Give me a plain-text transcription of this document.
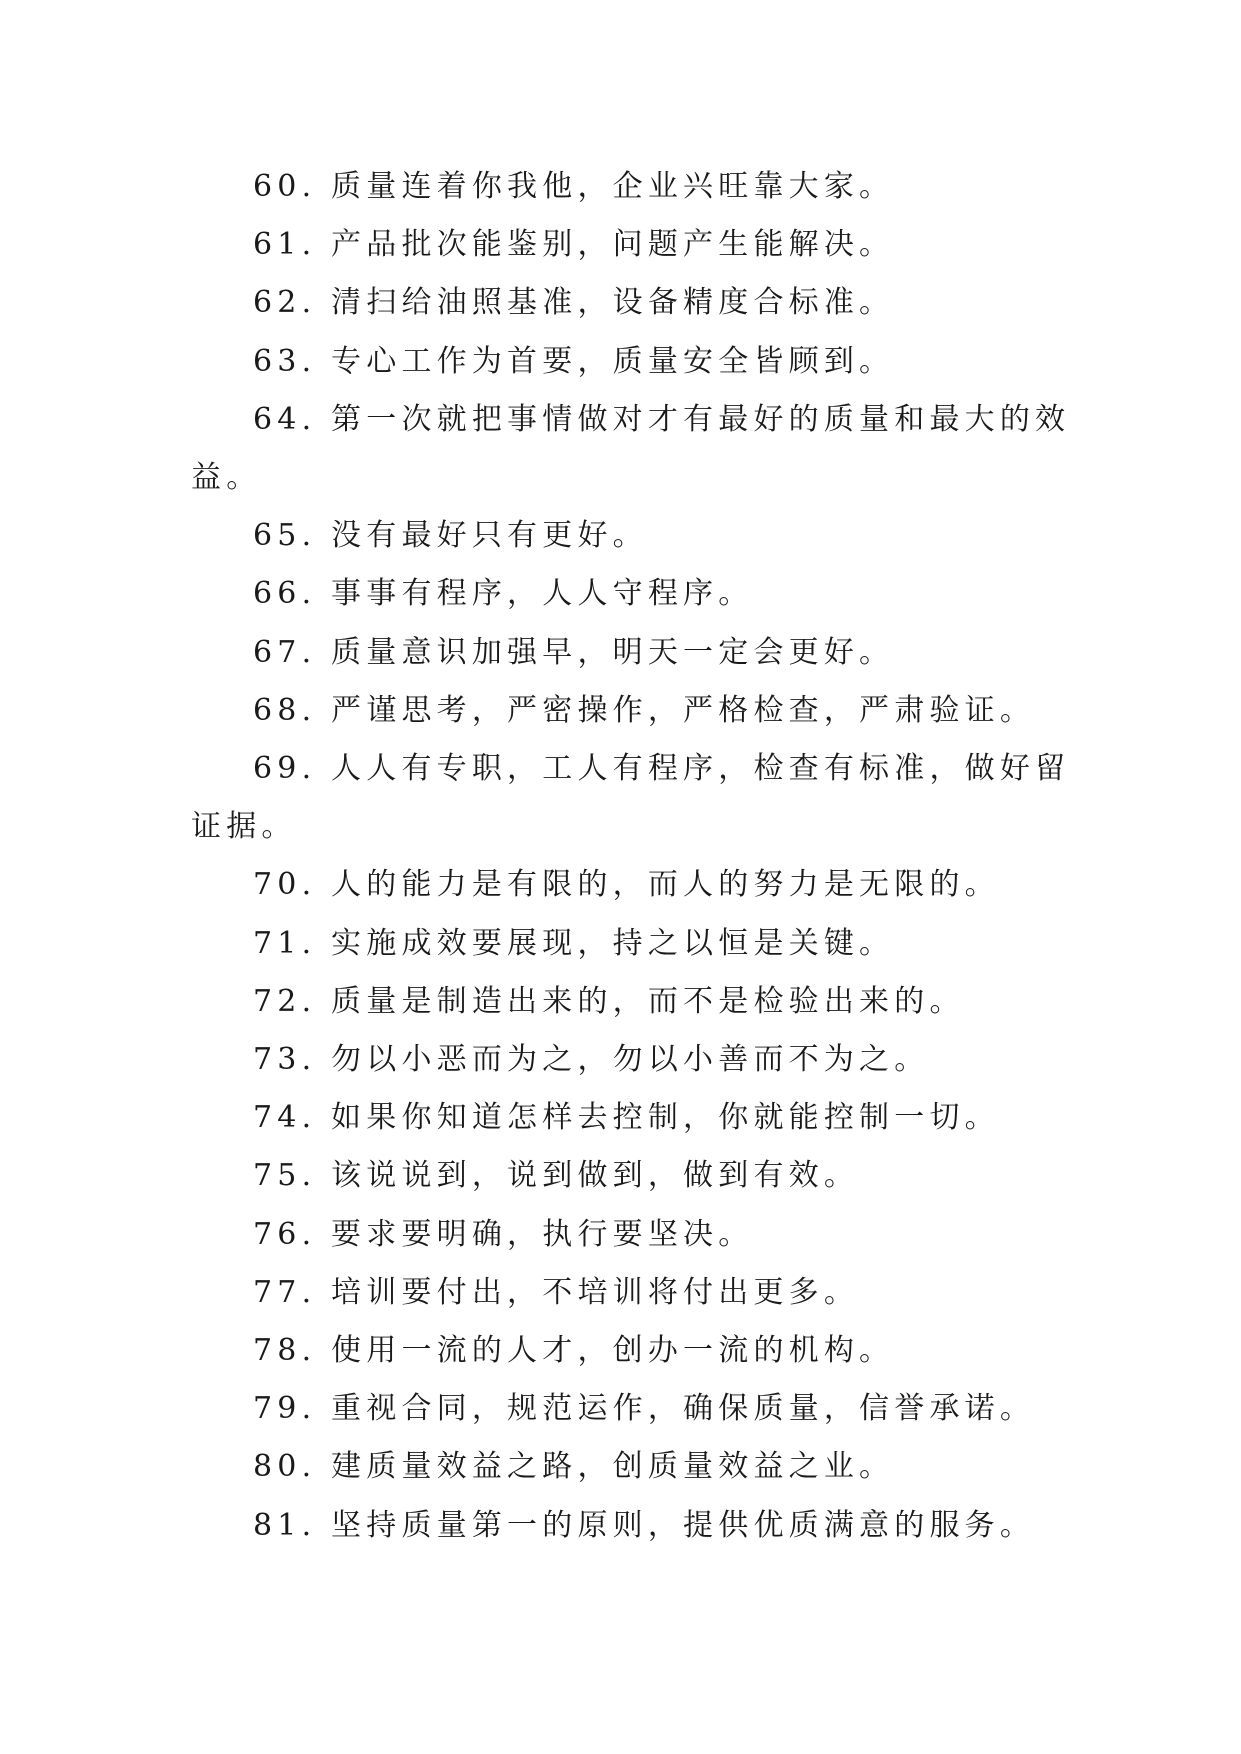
60. 质量连着你我他，企业兴旺靠大家。

61. 产品批次能鉴别，问题产生能解决。

62. 清扫给油照基准，设备精度合标准。

63. 专心工作为首要，质量安全皆顾到。

64. 第一次就把事情做对才有最好的质量和最大的效益。

65. 没有最好只有更好。

66. 事事有程序，人人守程序。

67. 质量意识加强早，明天一定会更好。

68. 严谨思考，严密操作，严格检查，严肃验证。

69. 人人有专职，工人有程序，检查有标准，做好留证据。

70. 人的能力是有限的，而人的努力是无限的。

71. 实施成效要展现，持之以恒是关键。

72. 质量是制造出来的，而不是检验出来的。

73. 勿以小恶而为之，勿以小善而不为之。

74. 如果你知道怎样去控制，你就能控制一切。

75. 该说说到，说到做到，做到有效。

76. 要求要明确，执行要坚决。

77. 培训要付出，不培训将付出更多。

78. 使用一流的人才，创办一流的机构。

79. 重视合同，规范运作，确保质量，信誉承诺。

80. 建质量效益之路，创质量效益之业。

81. 坚持质量第一的原则，提供优质满意的服务。
